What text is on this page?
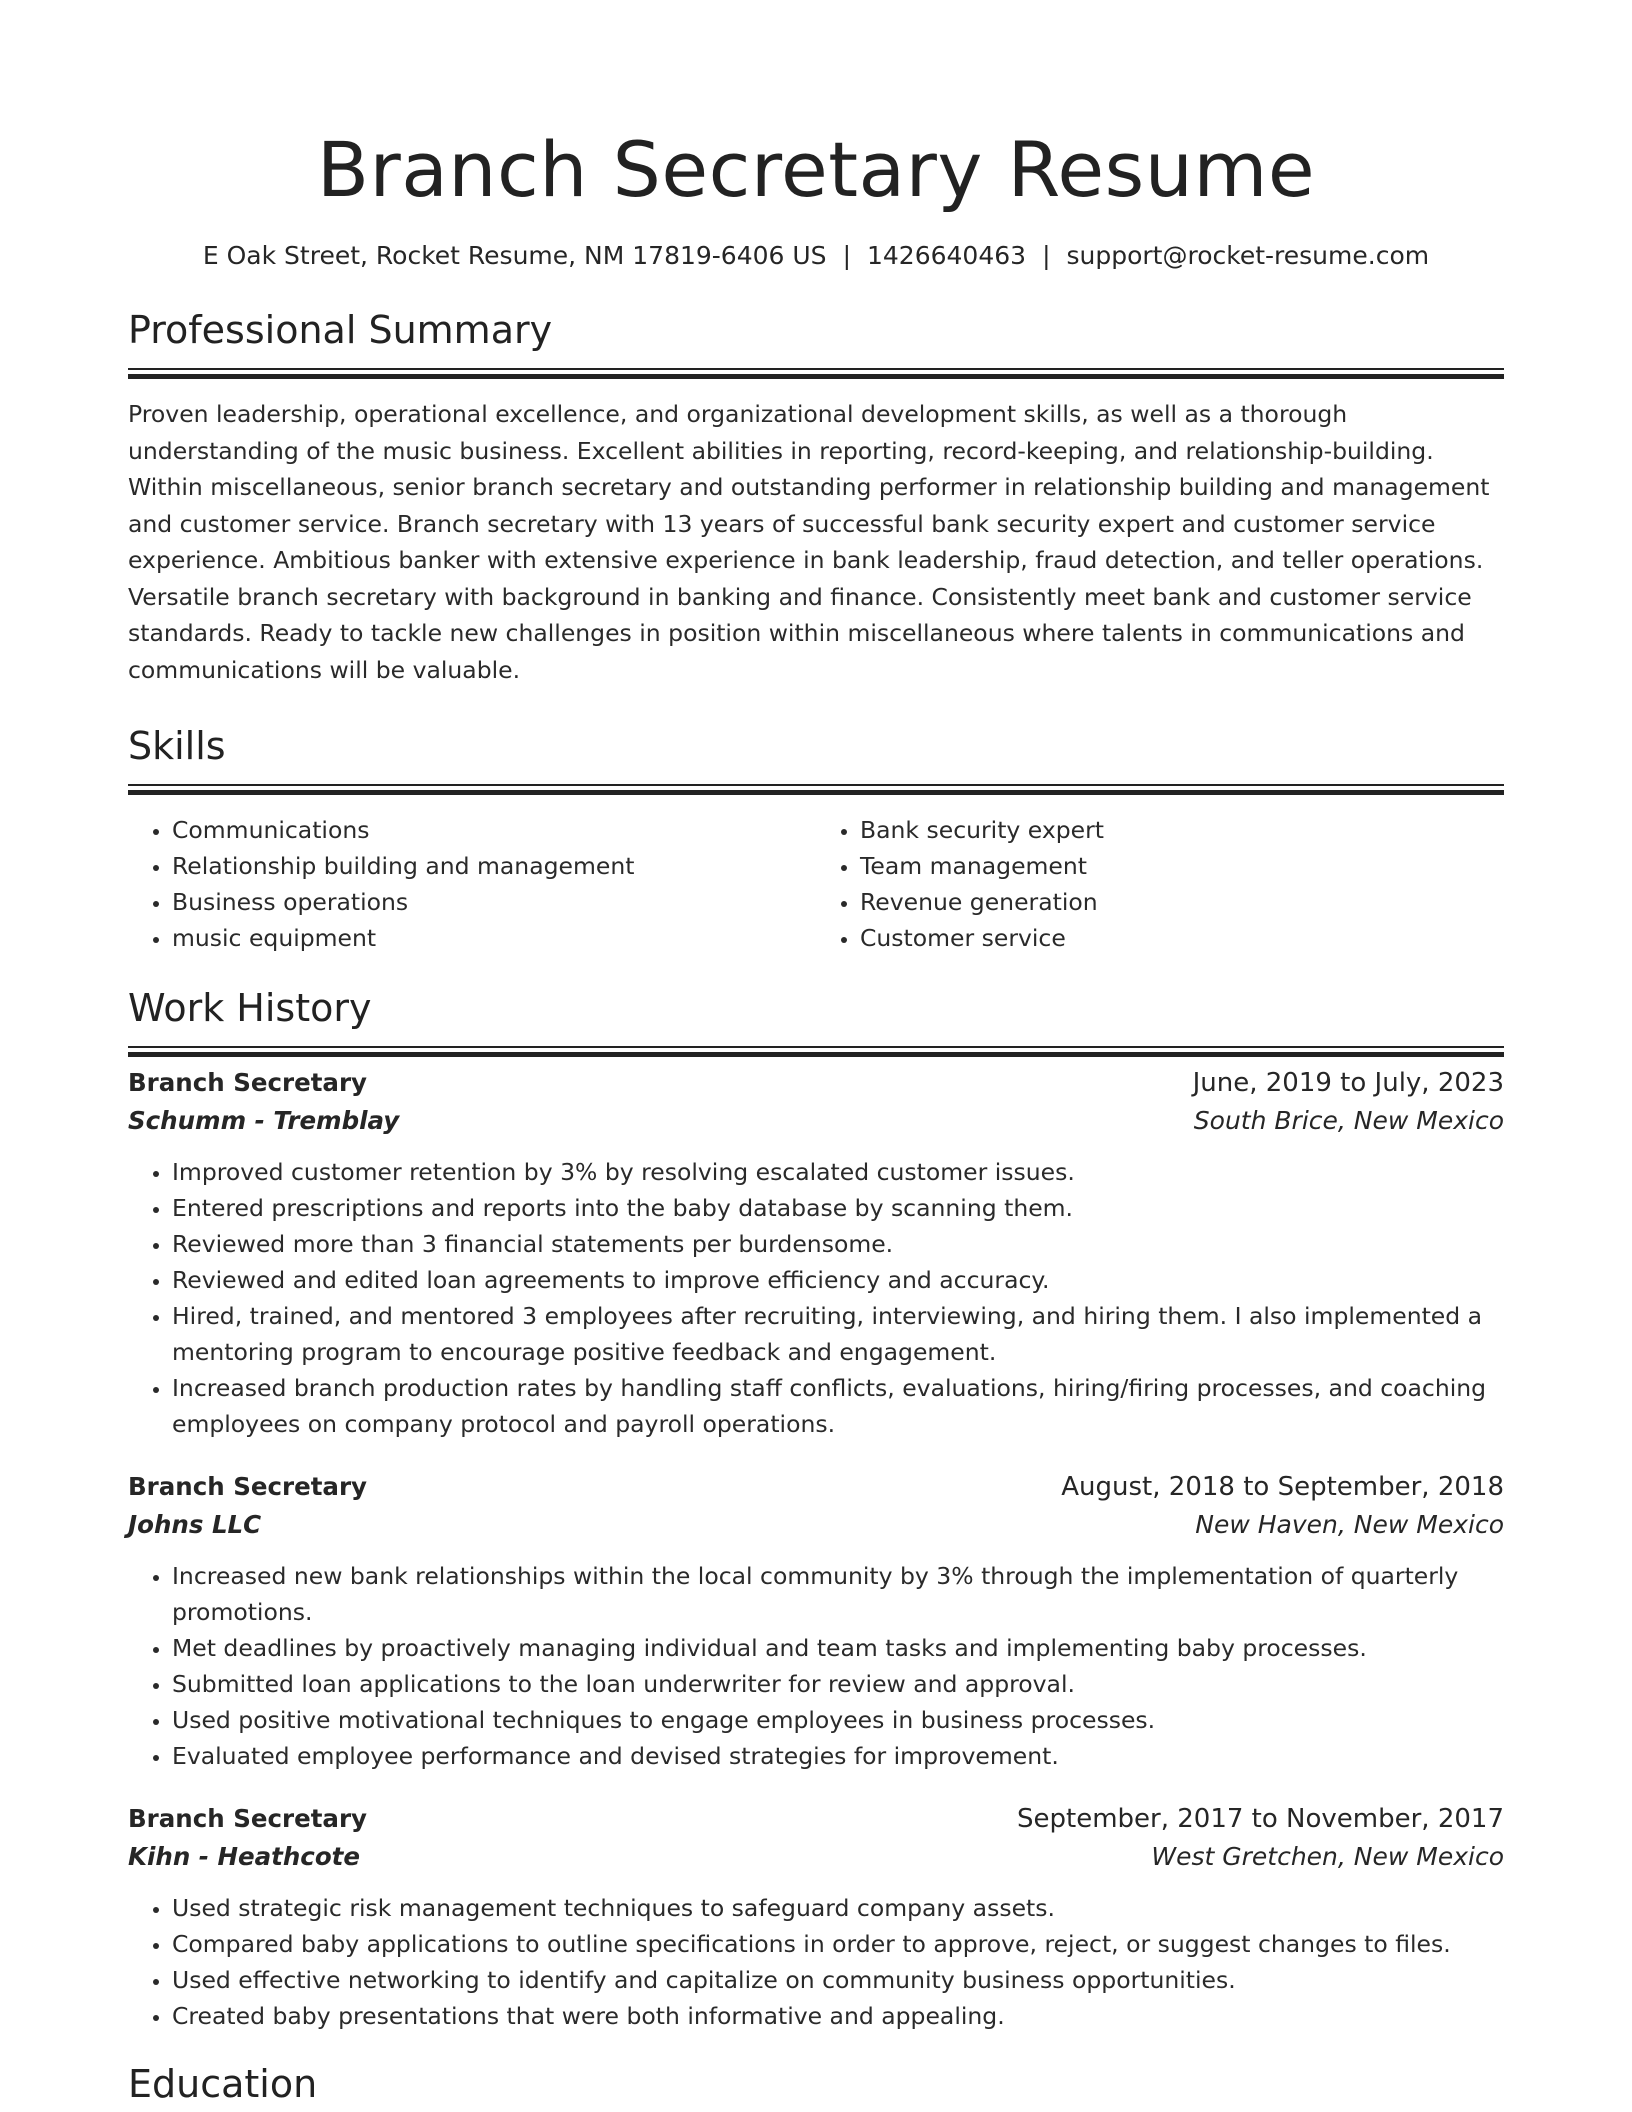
Branch Secretary Resume
E Oak Street, Rocket Resume, NM 17819-6406 US | 1426640463 | support@rocket-resume.com
Professional Summary

Proven leadership, operational excellence, and organizational development skills, as well as a thorough understanding of the music business. Excellent abilities in reporting, record-keeping, and relationship-building. Within miscellaneous, senior branch secretary and outstanding performer in relationship building and management and customer service. Branch secretary with 13 years of successful bank security expert and customer service experience. Ambitious banker with extensive experience in bank leadership, fraud detection, and teller operations. Versatile branch secretary with background in banking and finance. Consistently meet bank and customer service standards. Ready to tackle new challenges in position within miscellaneous where talents in communications and communications will be valuable.

Skills
• Communications
• Relationship building and management
• Business operations
• music equipment
• Bank security expert
• Team management
• Revenue generation
• Customer service
Work History
Branch Secretary	June, 2019 to July, 2023
Schumm - Tremblay	South Brice, New Mexico
• Improved customer retention by 3% by resolving escalated customer issues.
• Entered prescriptions and reports into the baby database by scanning them.
• Reviewed more than 3 financial statements per burdensome.
• Reviewed and edited loan agreements to improve efficiency and accuracy.
• Hired, trained, and mentored 3 employees after recruiting, interviewing, and hiring them. I also implemented a mentoring program to encourage positive feedback and engagement.
• Increased branch production rates by handling staff conflicts, evaluations, hiring/firing processes, and coaching employees on company protocol and payroll operations.
Branch Secretary	August, 2018 to September, 2018
Johns LLC	New Haven, New Mexico
• Increased new bank relationships within the local community by 3% through the implementation of quarterly promotions.
• Met deadlines by proactively managing individual and team tasks and implementing baby processes.
• Submitted loan applications to the loan underwriter for review and approval.
• Used positive motivational techniques to engage employees in business processes.
• Evaluated employee performance and devised strategies for improvement.
Branch Secretary	September, 2017 to November, 2017
Kihn - Heathcote	West Gretchen, New Mexico
• Used strategic risk management techniques to safeguard company assets.
• Compared baby applications to outline specifications in order to approve, reject, or suggest changes to files.
• Used effective networking to identify and capitalize on community business opportunities.
• Created baby presentations that were both informative and appealing.
Education
